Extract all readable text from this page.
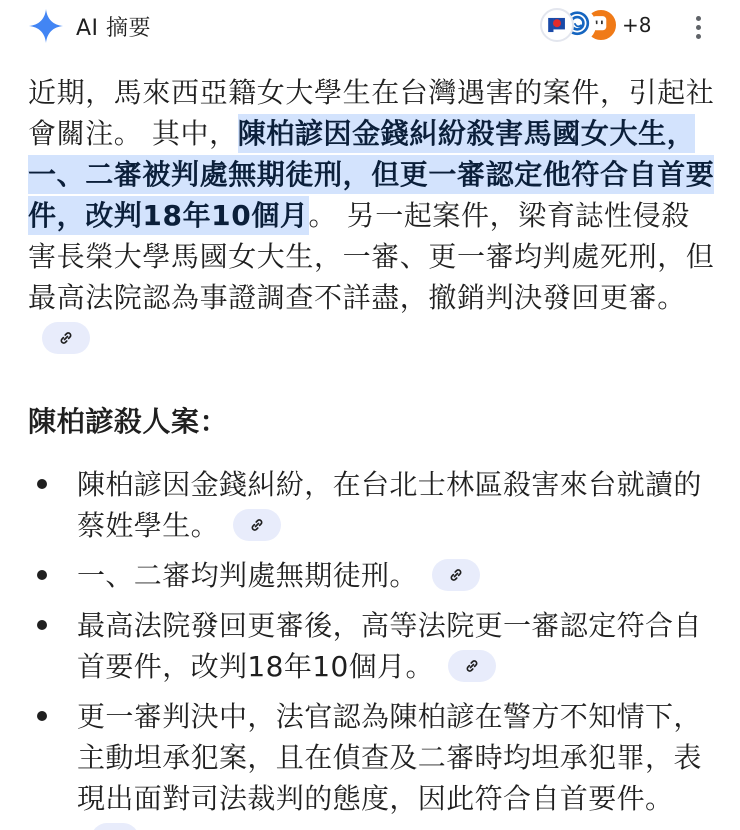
AI 摘要	+8

近期，馬來西亞籍女大學生在台灣遇害的案件，引起社會關注。 其中，陳柏諺因金錢糾紛殺害馬國女大生，一、二審被判處無期徒刑，但更一審認定他符合自首要件，改判18年10個月。 另一起案件，梁育誌性侵殺害長榮大學馬國女大生，一審、更一審均判處死刑，但最高法院認為事證調查不詳盡，撤銷判決發回更審。

陳柏諺殺人案：
陳柏諺因金錢糾紛，在台北士林區殺害來台就讀的蔡姓學生。
一、二審均判處無期徒刑。
最高法院發回更審後，高等法院更一審認定符合自首要件，改判18年10個月。
更一審判決中，法官認為陳柏諺在警方不知情下，主動坦承犯案，且在偵查及二審時均坦承犯罪，表現出面對司法裁判的態度，因此符合自首要件。
